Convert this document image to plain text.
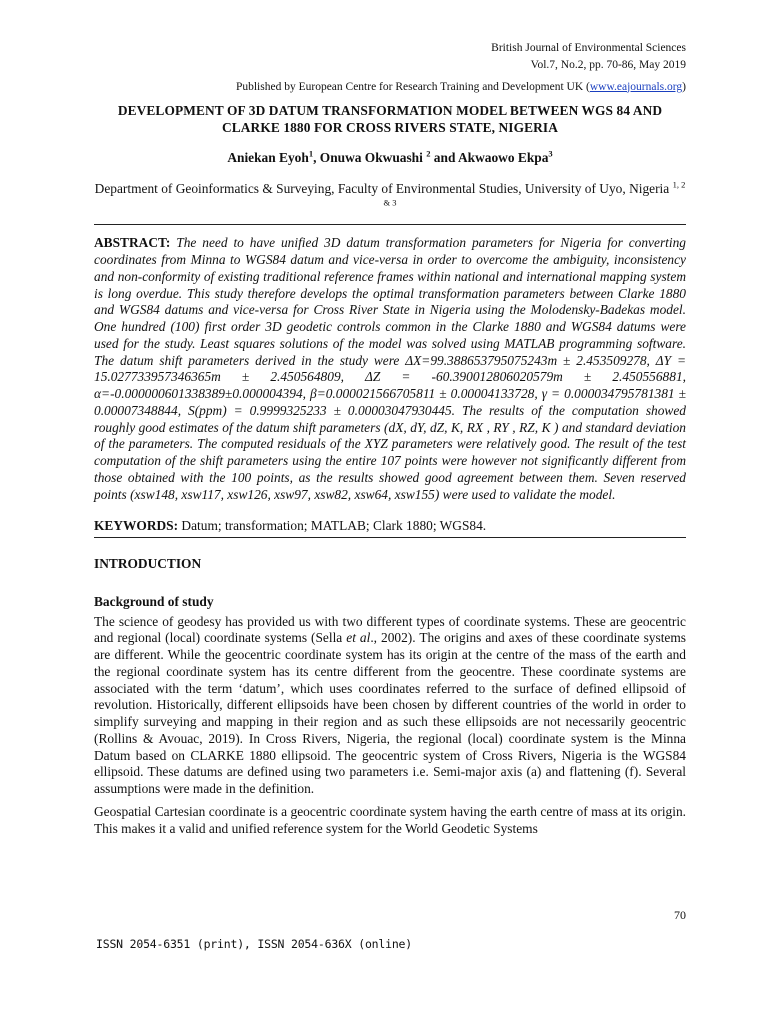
British Journal of Environmental Sciences
Vol.7, No.2, pp. 70-86, May 2019
Published by European Centre for Research Training and Development UK (www.eajournals.org)
DEVELOPMENT OF 3D DATUM TRANSFORMATION MODEL BETWEEN WGS 84 AND CLARKE 1880 FOR CROSS RIVERS STATE, NIGERIA
Aniekan Eyoh$^1$, Onuwa Okwuashi $^2$ and Akwaowo Ekpa$^3$
Department of Geoinformatics & Surveying, Faculty of Environmental Studies, University of Uyo, Nigeria $^{1, 2 \& 3}$
ABSTRACT: The need to have unified 3D datum transformation parameters for Nigeria for converting coordinates from Minna to WGS84 datum and vice-versa in order to overcome the ambiguity, inconsistency and non-conformity of existing traditional reference frames within national and international mapping system is long overdue. This study therefore develops the optimal transformation parameters between Clarke 1880 and WGS84 datums and vice-versa for Cross River State in Nigeria using the Molodensky-Badekas model. One hundred (100) first order 3D geodetic controls common in the Clarke 1880 and WGS84 datums were used for the study. Least squares solutions of the model was solved using MATLAB programming software. The datum shift parameters derived in the study were ΔX=99.388653795075243m ± 2.453509278, ΔY = 15.027733957346365m ± 2.450564809, ΔZ = -60.390012806020579m ± 2.450556881, α=-0.000000601338389±0.000004394, β=0.000021566705811 ± 0.00004133728, γ = 0.000034795781381 ± 0.00007348844, S(ppm) = 0.9999325233 ± 0.00003047930445. The results of the computation showed roughly good estimates of the datum shift parameters (dX, dY, dZ, K, RX , RY , RZ, K ) and standard deviation of the parameters. The computed residuals of the XYZ parameters were relatively good. The result of the test computation of the shift parameters using the entire 107 points were however not significantly different from those obtained with the 100 points, as the results showed good agreement between them. Seven reserved points (xsw148, xsw117, xsw126, xsw97, xsw82, xsw64, xsw155) were used to validate the model.
KEYWORDS: Datum; transformation; MATLAB; Clark 1880; WGS84.
INTRODUCTION
Background of study
The science of geodesy has provided us with two different types of coordinate systems. These are geocentric and regional (local) coordinate systems (Sella et al., 2002). The origins and axes of these coordinate systems are different. While the geocentric coordinate system has its origin at the centre of the mass of the earth and the regional coordinate system has its centre different from the geocentre. These coordinate systems are associated with the term ‘datum’, which uses coordinates referred to the surface of defined ellipsoid of revolution. Historically, different ellipsoids have been chosen by different countries of the world in order to simplify surveying and mapping in their region and as such these ellipsoids are not necessarily geocentric (Rollins & Avouac, 2019). In Cross Rivers, Nigeria, the regional (local) coordinate system is the Minna Datum based on CLARKE 1880 ellipsoid. The geocentric system of Cross Rivers, Nigeria is the WGS84 ellipsoid. These datums are defined using two parameters i.e. Semi-major axis (a) and flattening (f). Several assumptions were made in the definition.
Geospatial Cartesian coordinate is a geocentric coordinate system having the earth centre of mass at its origin. This makes it a valid and unified reference system for the World Geodetic Systems
70
ISSN 2054-6351 (print), ISSN 2054-636X (online)
